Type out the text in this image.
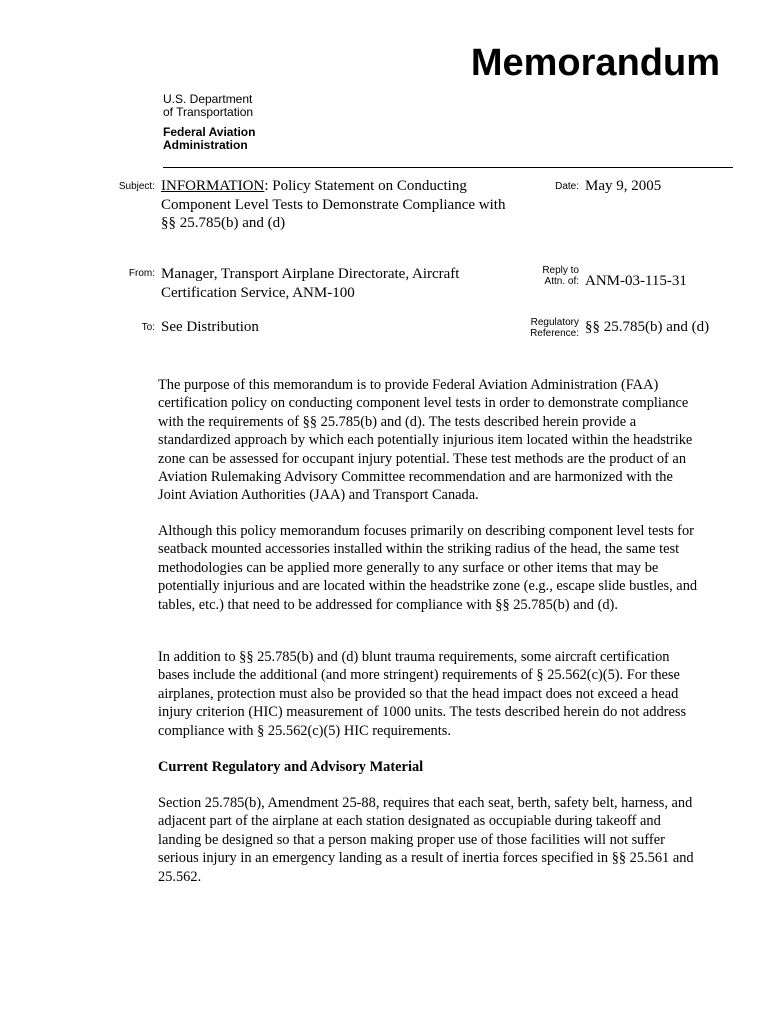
Memorandum
U.S. Department
of Transportation
Federal Aviation
Administration
Subject: INFORMATION: Policy Statement on Conducting
Component Level Tests to Demonstrate Compliance with
§§ 25.785(b) and (d)
Date: May 9, 2005
From: Manager, Transport Airplane Directorate, Aircraft
Certification Service, ANM-100
Reply to
Attn. of: ANM-03-115-31
To: See Distribution	Regulatory
Reference: §§ 25.785(b) and (d)

The purpose of this memorandum is to provide Federal Aviation Administration (FAA) certification policy on conducting component level tests in order to demonstrate compliance with the requirements of §§ 25.785(b) and (d). The tests described herein provide a standardized approach by which each potentially injurious item located within the headstrike zone can be assessed for occupant injury potential. These test methods are the product of an Aviation Rulemaking Advisory Committee recommendation and are harmonized with the Joint Aviation Authorities (JAA) and Transport Canada.

Although this policy memorandum focuses primarily on describing component level tests for seatback mounted accessories installed within the striking radius of the head, the same test methodologies can be applied more generally to any surface or other items that may be potentially injurious and are located within the headstrike zone (e.g., escape slide bustles, and tables, etc.) that need to be addressed for compliance with §§ 25.785(b) and (d).

In addition to §§ 25.785(b) and (d) blunt trauma requirements, some aircraft certification bases include the additional (and more stringent) requirements of § 25.562(c)(5). For these airplanes, protection must also be provided so that the head impact does not exceed a head injury criterion (HIC) measurement of 1000 units. The tests described herein do not address compliance with § 25.562(c)(5) HIC requirements.

Current Regulatory and Advisory Material

Section 25.785(b), Amendment 25-88, requires that each seat, berth, safety belt, harness, and adjacent part of the airplane at each station designated as occupiable during takeoff and landing be designed so that a person making proper use of those facilities will not suffer serious injury in an emergency landing as a result of inertia forces specified in §§ 25.561 and 25.562.
